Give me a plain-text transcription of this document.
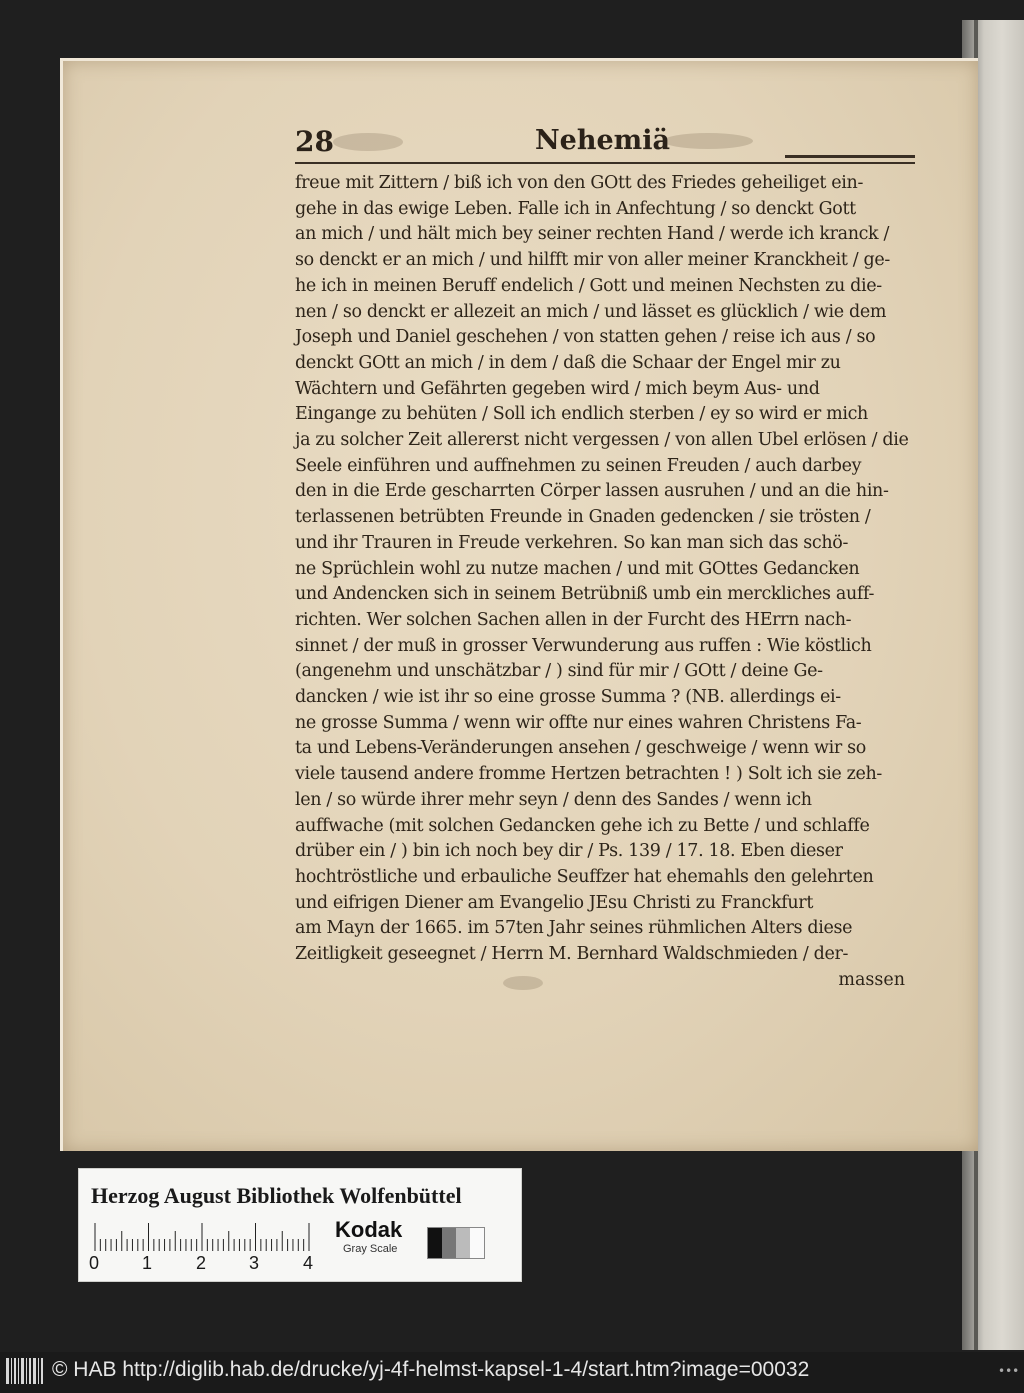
28	Nehemiä
freue mit Zittern / biß ich von den GOtt des Friedes geheiliget ein-
gehe in das ewige Leben. Falle ich in Anfechtung / so denckt Gott
an mich / und hält mich bey seiner rechten Hand / werde ich kranck /
so denckt er an mich / und hilfft mir von aller meiner Kranckheit / ge-
he ich in meinen Beruff endelich / Gott und meinen Nechsten zu die-
nen / so denckt er allezeit an mich / und lässet es glücklich / wie dem
Joseph und Daniel geschehen / von statten gehen / reise ich aus / so
denckt GOtt an mich / in dem / daß die Schaar der Engel mir zu
Wächtern und Gefährten gegeben wird / mich beym Aus- und
Eingange zu behüten / Soll ich endlich sterben / ey so wird er mich
ja zu solcher Zeit allererst nicht vergessen / von allen Ubel erlösen / die
Seele einführen und auffnehmen zu seinen Freuden / auch darbey
den in die Erde gescharrten Cörper lassen ausruhen / und an die hin-
terlassenen betrübten Freunde in Gnaden gedencken / sie trösten /
und ihr Trauren in Freude verkehren. So kan man sich das schö-
ne Sprüchlein wohl zu nutze machen / und mit GOttes Gedancken
und Andencken sich in seinem Betrübniß umb ein merckliches auff-
richten. Wer solchen Sachen allen in der Furcht des HErrn nach-
sinnet / der muß in grosser Verwunderung aus ruffen : Wie köstlich
(angenehm und unschätzbar / ) sind für mir / GOtt / deine Ge-
dancken / wie ist ihr so eine grosse Summa ? (NB. allerdings ei-
ne grosse Summa / wenn wir offte nur eines wahren Christens Fa-
ta und Lebens-Veränderungen ansehen / geschweige / wenn wir so
viele tausend andere fromme Hertzen betrachten ! ) Solt ich sie zeh-
len / so würde ihrer mehr seyn / denn des Sandes / wenn ich
auffwache (mit solchen Gedancken gehe ich zu Bette / und schlaffe
drüber ein / ) bin ich noch bey dir / Ps. 139 / 17. 18. Eben dieser
hochtröstliche und erbauliche Seuffzer hat ehemahls den gelehrten
und eifrigen Diener am Evangelio JEsu Christi zu Franckfurt
am Mayn der 1665. im 57ten Jahr seines rühmlichen Alters diese
Zeitligkeit geseegnet / Herrn M. Bernhard Waldschmieden / der-
massen
Herzog August Bibliothek Wolfenbüttel
0 1 2 3 4
Kodak
Gray Scale
© HAB http://diglib.hab.de/drucke/yj-4f-helmst-kapsel-1-4/start.htm?image=00032	•••
